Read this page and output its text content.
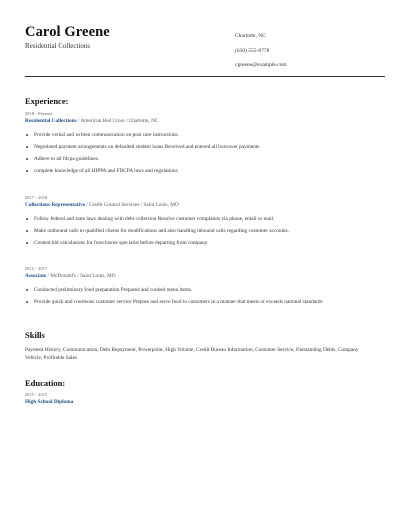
Carol Greene
Residential Collections
Charlotte, NC
(630) 555-8778
cgreene@example.com
Experience:
2018 - Present
Residential Collections / American Red Cross / Charlotte, NC
Provide verbal and written communication on post care instructions.
Negotiated payment arrangements on defaulted student loans Received and entered all borrower payments
Adhere to all fdcpa guidelines.
complete knowledge of all HIPPA and FDCPA laws and regulations
2017 - 2018
Collections Representative / Credit Control Services / Saint Louis, MO
Follow federal and state laws dealing with debt collection Resolve customer complaints via phone, email or mail.
Make outbound calls to qualified clients for modifications and also handling inbound calls regarding customer accounts.
Created bid calculations for foreclosure specialist before departing from company.
2015 - 2017
Associate / McDonald's / Saint Louis, MO
Conducted preliminary food preparation Prepared and cooked menu items.
Provide quick and courteous customer service Prepare and serve food to customers in a manner that meets or exceeds national standards
Skills
Payment History, Communication, Debt Repayment, Powerpoint, High Volume, Credit Bureau Information, Customer Service, Outstanding Debts, Company Vehicle, Profitable Sales
Education:
2015 - 2015
High School Diploma
